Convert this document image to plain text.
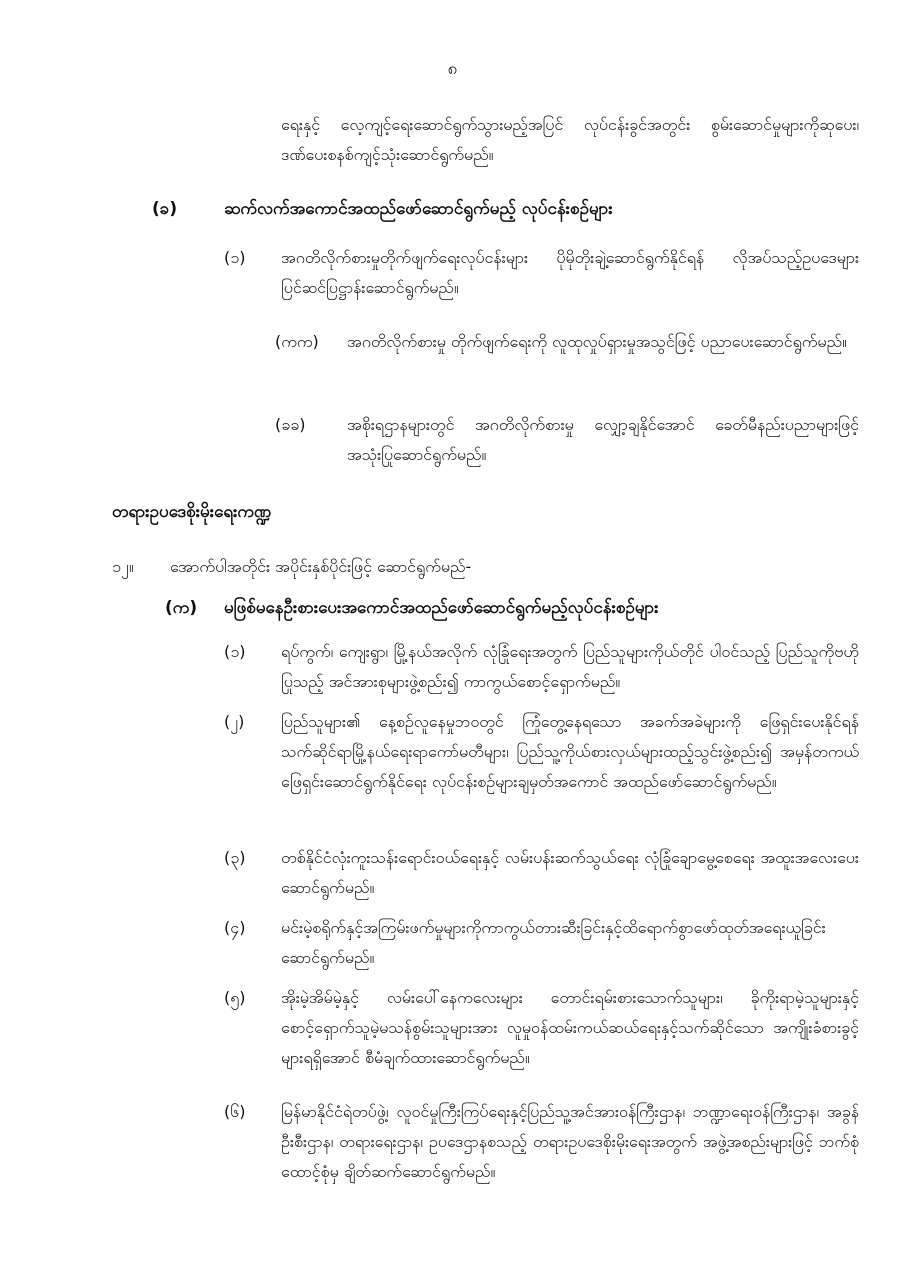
၈
ရေးနှင့် လေ့ကျင့်ရေးဆောင်ရွက်သွားမည့်အပြင် လုပ်ငန်းခွင်အတွင်း စွမ်းဆောင်မှုများကိုဆုပေး၊ ဒဏ်ပေးစနစ်ကျင့်သုံးဆောင်ရွက်မည်။
(ခ)	ဆက်လက်အကောင်အထည်ဖော်ဆောင်ရွက်မည့် လုပ်ငန်းစဉ်များ
(၁) အဂတိလိုက်စားမှုတိုက်ဖျက်ရေးလုပ်ငန်းများ ပိုမိုတိုးချဲ့ဆောင်ရွက်နိုင်ရန် လိုအပ်သည့်ဥပဒေများ ပြင်ဆင်ပြဋ္ဌာန်းဆောင်ရွက်မည်။
(ကက) အဂတိလိုက်စားမှု တိုက်ဖျက်ရေးကို လူထုလှုပ်ရှားမှုအသွင်ဖြင့် ပညာပေးဆောင်ရွက်မည်။
(ခခ)	အစိုးရဌာနများတွင် အဂတိလိုက်စားမှု လျှော့ချနိုင်အောင် ခေတ်မီနည်းပညာများဖြင့် အသုံးပြုဆောင်ရွက်မည်။
တရားဥပဒေစိုးမိုးရေးကဏ္ဍ
၁၂။ အောက်ပါအတိုင်း အပိုင်းနှစ်ပိုင်းဖြင့် ဆောင်ရွက်မည်-
(က) မဖြစ်မနေဦးစားပေးအကောင်အထည်ဖော်ဆောင်ရွက်မည့်လုပ်ငန်းစဉ်များ
(၁) ရပ်ကွက်၊ ကျေးရွာ၊ မြို့နယ်အလိုက် လုံခြုံရေးအတွက် ပြည်သူများကိုယ်တိုင် ပါဝင်သည့် ပြည်သူကိုဗဟိုပြုသည့် အင်အားစုများဖွဲ့စည်း၍ ကာကွယ်စောင့်ရှောက်မည်။
(၂) ပြည်သူများ၏ နေ့စဉ်လူနေမှုဘဝတွင် ကြုံတွေ့နေရသော အခက်အခဲများကို ဖြေရှင်းပေးနိုင်ရန်သက်ဆိုင်ရာမြို့နယ်ရေးရာကော်မတီများ၊ ပြည်သူ့ကိုယ်စားလှယ်များထည့်သွင်းဖွဲ့စည်း၍ အမှန်တကယ်ဖြေရှင်းဆောင်ရွက်နိုင်ရေး လုပ်ငန်းစဉ်များချမှတ်အကောင် အထည်ဖော်ဆောင်ရွက်မည်။
(၃) တစ်နိုင်ငံလုံးကူးသန်းရောင်းဝယ်ရေးနှင့် လမ်းပန်းဆက်သွယ်ရေး လုံခြုံချောမွေ့စေရေး အထူးအလေးပေးဆောင်ရွက်မည်။
(၄) မင်းမဲ့စရိုက်နှင့်အကြမ်းဖက်မှုများကိုကာကွယ်တားဆီးခြင်းနှင့်ထိရောက်စွာဖော်ထုတ်အရေးယူခြင်းဆောင်ရွက်မည်။
(၅) အိုးမဲ့အိမ်မဲ့နှင့် လမ်းပေါ်နေကလေးများ တောင်းရမ်းစားသောက်သူများ၊ ခိုကိုးရာမဲ့သူများနှင့် စောင့်ရှောက်သူမဲ့မသန်စွမ်းသူများအား လူမှုဝန်ထမ်းကယ်ဆယ်ရေးနှင့်သက်ဆိုင်သော အကျိုးခံစားခွင့်များရရှိအောင် စီမံချက်ထားဆောင်ရွက်မည်။
(၆) မြန်မာနိုင်ငံရဲတပ်ဖွဲ့၊ လူဝင်မှုကြီးကြပ်ရေးနှင့်ပြည်သူ့အင်အားဝန်ကြီးဌာန၊ ဘဏ္ဍာရေးဝန်ကြီးဌာန၊ အခွန်ဦးစီးဌာန၊ တရားရေးဌာန၊ ဥပဒေဌာနစသည့် တရားဥပဒေစိုးမိုးရေးအတွက် အဖွဲ့အစည်းများဖြင့် ဘက်စုံထောင့်စုံမှ ချိတ်ဆက်ဆောင်ရွက်မည်။
